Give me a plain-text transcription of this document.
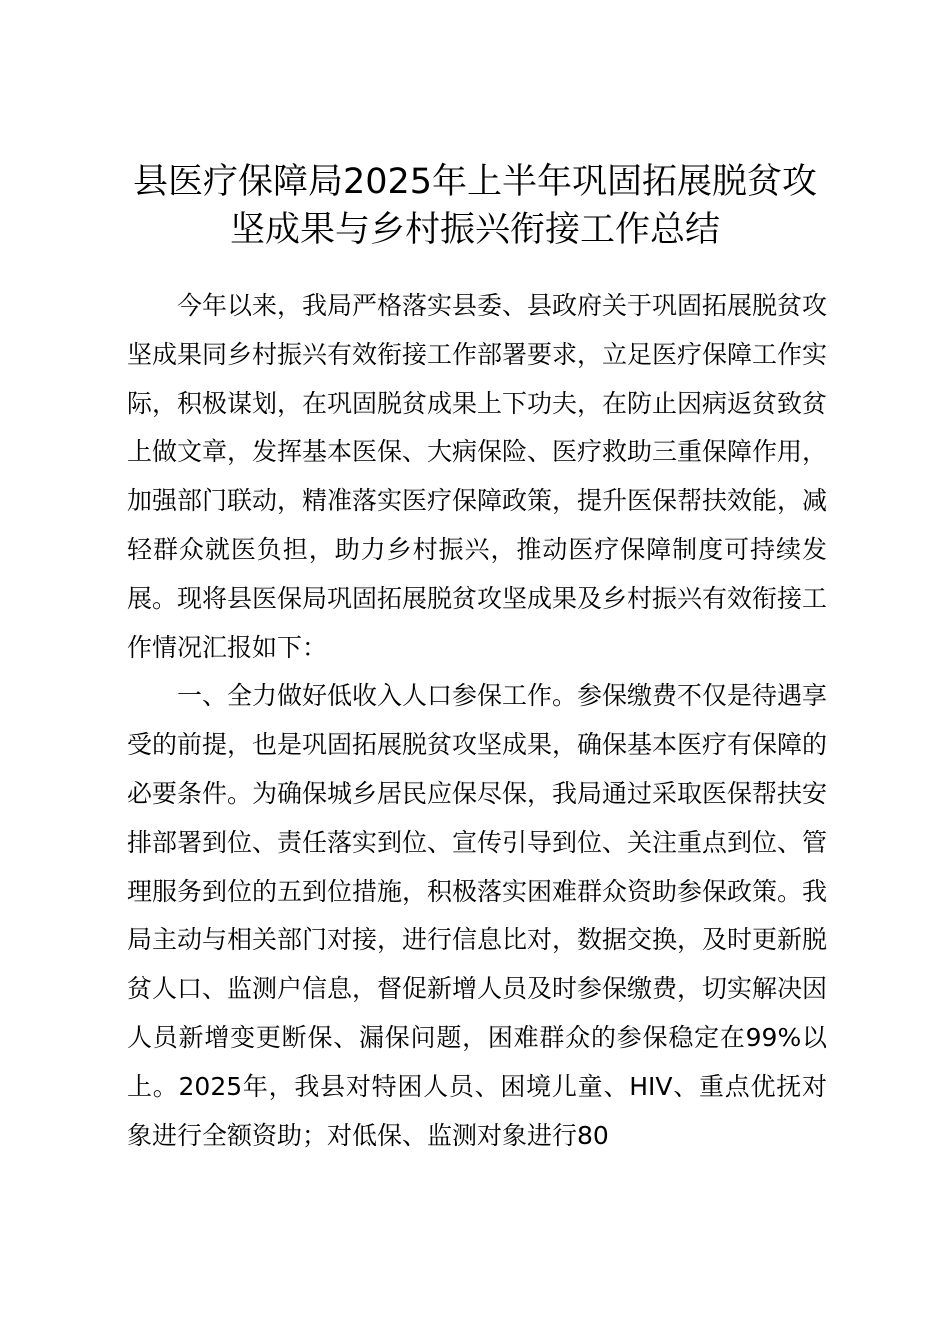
县医疗保障局2025年上半年巩固拓展脱贫攻
坚成果与乡村振兴衔接工作总结

今年以来，我局严格落实县委、县政府关于巩固拓展脱贫攻坚成果同乡村振兴有效衔接工作部署要求，立足医疗保障工作实际，积极谋划，在巩固脱贫成果上下功夫，在防止因病返贫致贫上做文章，发挥基本医保、大病保险、医疗救助三重保障作用，加强部门联动，精准落实医疗保障政策，提升医保帮扶效能，减轻群众就医负担，助力乡村振兴，推动医疗保障制度可持续发展。现将县医保局巩固拓展脱贫攻坚成果及乡村振兴有效衔接工作情况汇报如下：

一、全力做好低收入人口参保工作。参保缴费不仅是待遇享受的前提，也是巩固拓展脱贫攻坚成果，确保基本医疗有保障的必要条件。为确保城乡居民应保尽保，我局通过采取医保帮扶安排部署到位、责任落实到位、宣传引导到位、关注重点到位、管理服务到位的五到位措施，积极落实困难群众资助参保政策。我局主动与相关部门对接，进行信息比对，数据交换，及时更新脱贫人口、监测户信息，督促新增人员及时参保缴费，切实解决因人员新增变更断保、漏保问题，困难群众的参保稳定在99%以上。2025年，我县对特困人员、困境儿童、HIV、重点优抚对象进行全额资助；对低保、监测对象进行80
